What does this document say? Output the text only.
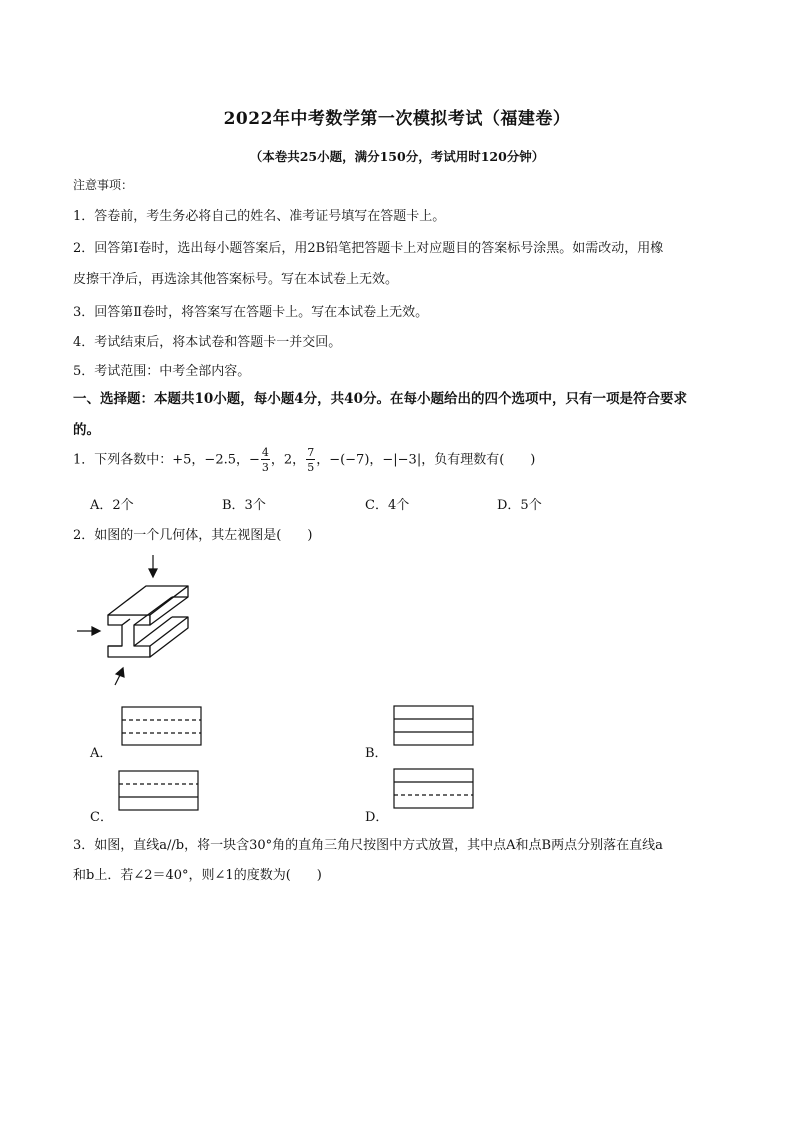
2022年中考数学第一次模拟考试（福建卷）
（本卷共25小题，满分150分，考试用时120分钟）
注意事项：
1．答卷前，考生务必将自己的姓名、准考证号填写在答题卡上。
2．回答第Ⅰ卷时，选出每小题答案后，用2B铅笔把答题卡上对应题目的答案标号涂黑。如需改动，用橡
皮擦干净后，再选涂其他答案标号。写在本试卷上无效。
3．回答第Ⅱ卷时，将答案写在答题卡上。写在本试卷上无效。
4．考试结束后，将本试卷和答题卡一并交回。
5．考试范围：中考全部内容。
一、选择题：本题共10小题，每小题4分，共40分。在每小题给出的四个选项中，只有一项是符合要求
的。
1．下列各数中：+5，−2.5，− $\frac{4}{3}$ ，2， $\frac{7}{5}$ ，−(−7)，−|−3|，负有理数有(　　)
A．2个	B．3个	C．4个	D．5个
2．如图的一个几何体，其左视图是(　　)
A．	B．
C．	D．
3．如图，直线a//b，将一块含30°角的直角三角尺按图中方式放置，其中点A和点B两点分别落在直线a
和b上．若∠2＝40°，则∠1的度数为(　　)
